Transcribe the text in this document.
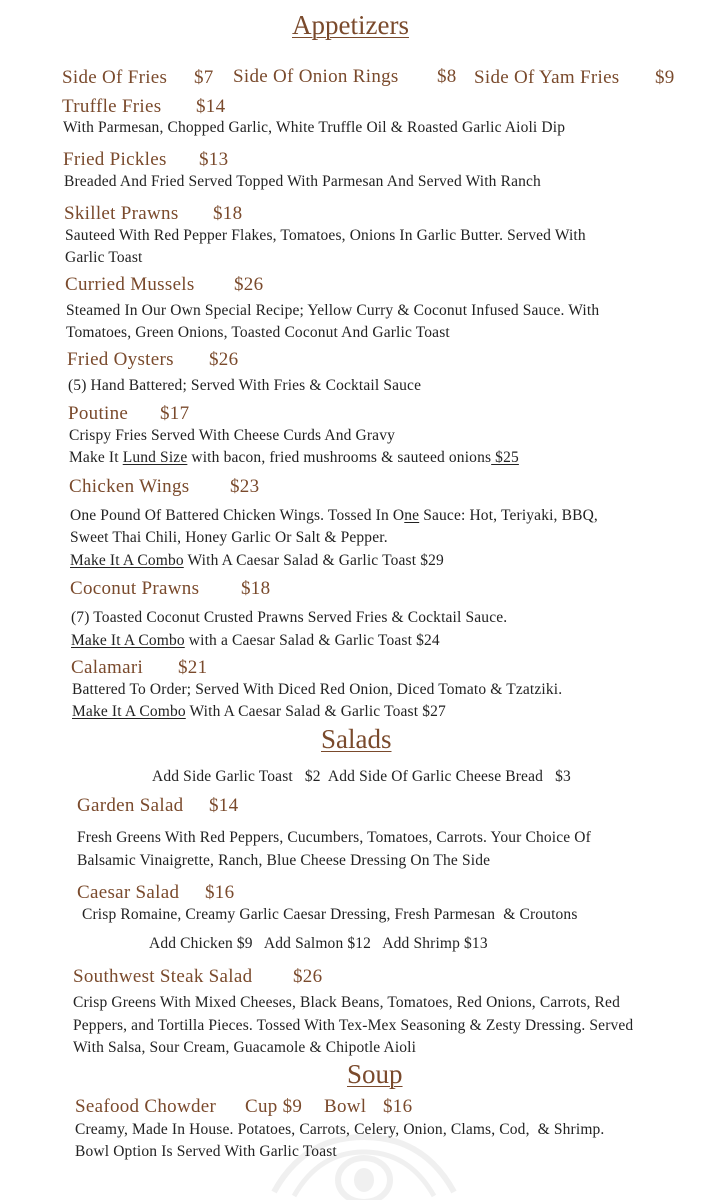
Appetizers
Side Of Fries $7 Side Of Onion Rings $8 Side Of Yam Fries $9
Truffle Fries $14
With Parmesan, Chopped Garlic, White Truffle Oil & Roasted Garlic Aioli Dip
Fried Pickles $13
Breaded And Fried Served Topped With Parmesan And Served With Ranch
Skillet Prawns $18
Sauteed With Red Pepper Flakes, Tomatoes, Onions In Garlic Butter. Served With
Garlic Toast
Curried Mussels $26
Steamed In Our Own Special Recipe; Yellow Curry & Coconut Infused Sauce. With
Tomatoes, Green Onions, Toasted Coconut And Garlic Toast
Fried Oysters $26
(5) Hand Battered; Served With Fries & Cocktail Sauce
Poutine $17
Crispy Fries Served With Cheese Curds And Gravy
Make It Lund Size with bacon, fried mushrooms & sauteed onions $25
Chicken Wings $23
One Pound Of Battered Chicken Wings. Tossed In One Sauce: Hot, Teriyaki, BBQ,
Sweet Thai Chili, Honey Garlic Or Salt & Pepper.
Make It A Combo With A Caesar Salad & Garlic Toast $29
Coconut Prawns $18
(7) Toasted Coconut Crusted Prawns Served Fries & Cocktail Sauce.
Make It A Combo with a Caesar Salad & Garlic Toast $24
Calamari $21
Battered To Order; Served With Diced Red Onion, Diced Tomato & Tzatziki.
Make It A Combo With A Caesar Salad & Garlic Toast $27
Salads
Add Side Garlic Toast   $2  Add Side Of Garlic Cheese Bread   $3
Garden Salad $14
Fresh Greens With Red Peppers, Cucumbers, Tomatoes, Carrots. Your Choice Of
Balsamic Vinaigrette, Ranch, Blue Cheese Dressing On The Side
Caesar Salad $16
Crisp Romaine, Creamy Garlic Caesar Dressing, Fresh Parmesan  & Croutons
Add Chicken $9   Add Salmon $12   Add Shrimp $13
Southwest Steak Salad $26
Crisp Greens With Mixed Cheeses, Black Beans, Tomatoes, Red Onions, Carrots, Red
Peppers, and Tortilla Pieces. Tossed With Tex-Mex Seasoning & Zesty Dressing. Served
With Salsa, Sour Cream, Guacamole & Chipotle Aioli
Soup
Seafood Chowder Cup $9 Bowl $16
Creamy, Made In House. Potatoes, Carrots, Celery, Onion, Clams, Cod,  & Shrimp.
Bowl Option Is Served With Garlic Toast
